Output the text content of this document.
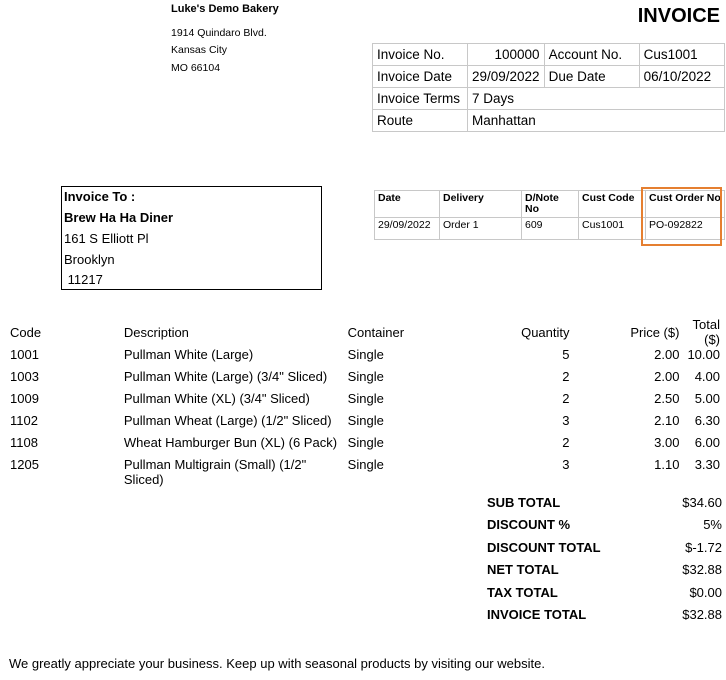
Luke's Demo Bakery
1914 Quindaro Blvd.
Kansas City
MO 66104
INVOICE
Invoice No.	100000	Account No.	Cus1001
Invoice Date	29/09/2022	Due Date	06/10/2022
Invoice Terms	7 Days		
Route	Manhattan		
Invoice To :
Brew Ha Ha Diner
161 S Elliott Pl
Brooklyn
11217
Date	Delivery	D/Note No	Cust Code	Cust Order No
29/09/2022	Order 1	609	Cus1001	PO-092822
Code	Description	Container	Quantity	Price ($)	Total ($)
1001	Pullman White (Large)	Single	5	2.00	10.00
1003	Pullman White (Large) (3/4" Sliced)	Single	2	2.00	4.00
1009	Pullman White (XL) (3/4" Sliced)	Single	2	2.50	5.00
1102	Pullman Wheat (Large) (1/2" Sliced)	Single	3	2.10	6.30
1108	Wheat Hamburger Bun (XL) (6 Pack)	Single	2	3.00	6.00
1205	Pullman Multigrain (Small) (1/2" Sliced)	Single	3	1.10	3.30
SUB TOTAL	$34.60
DISCOUNT %	5%
DISCOUNT TOTAL	$-1.72
NET TOTAL	$32.88
TAX TOTAL	$0.00
INVOICE TOTAL	$32.88
We greatly appreciate your business. Keep up with seasonal products by visiting our website.
